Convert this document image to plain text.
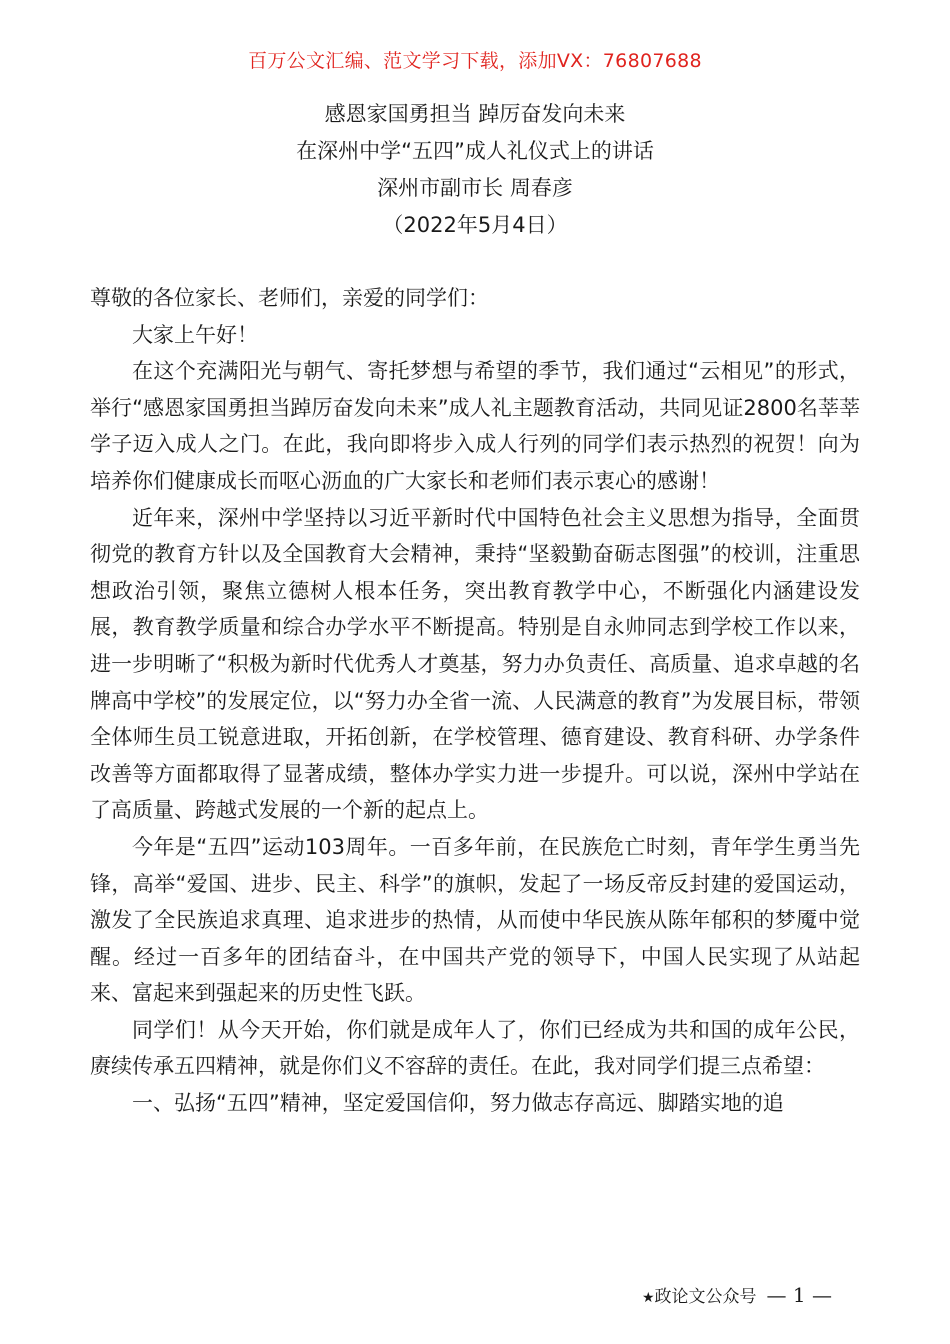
百万公文汇编、范文学习下载，添加VX：76807688
感恩家国勇担当 踔厉奋发向未来
在深州中学“五四”成人礼仪式上的讲话
深州市副市长 周春彦
（2022年5月4日）

尊敬的各位家长、老师们，亲爱的同学们：

大家上午好！

在这个充满阳光与朝气、寄托梦想与希望的季节，我们通过“云相见”的形式，举行“感恩家国勇担当踔厉奋发向未来”成人礼主题教育活动，共同见证2800名莘莘学子迈入成人之门。在此，我向即将步入成人行列的同学们表示热烈的祝贺！向为培养你们健康成长而呕心沥血的广大家长和老师们表示衷心的感谢！

近年来，深州中学坚持以习近平新时代中国特色社会主义思想为指导，全面贯彻党的教育方针以及全国教育大会精神，秉持“坚毅勤奋砺志图强”的校训，注重思想政治引领，聚焦立德树人根本任务，突出教育教学中心，不断强化内涵建设发展，教育教学质量和综合办学水平不断提高。特别是自永帅同志到学校工作以来，进一步明晰了“积极为新时代优秀人才奠基，努力办负责任、高质量、追求卓越的名牌高中学校”的发展定位，以“努力办全省一流、人民满意的教育”为发展目标，带领全体师生员工锐意进取，开拓创新，在学校管理、德育建设、教育科研、办学条件改善等方面都取得了显著成绩，整体办学实力进一步提升。可以说，深州中学站在了高质量、跨越式发展的一个新的起点上。

今年是“五四”运动103周年。一百多年前，在民族危亡时刻，青年学生勇当先锋，高举“爱国、进步、民主、科学”的旗帜，发起了一场反帝反封建的爱国运动，激发了全民族追求真理、追求进步的热情，从而使中华民族从陈年郁积的梦魇中觉醒。经过一百多年的团结奋斗，在中国共产党的领导下，中国人民实现了从站起来、富起来到强起来的历史性飞跃。

同学们！从今天开始，你们就是成年人了，你们已经成为共和国的成年公民，赓续传承五四精神，就是你们义不容辞的责任。在此，我对同学们提三点希望：

一、弘扬“五四”精神，坚定爱国信仰，努力做志存高远、脚踏实地的追

★政论文公众号 — 1 —
